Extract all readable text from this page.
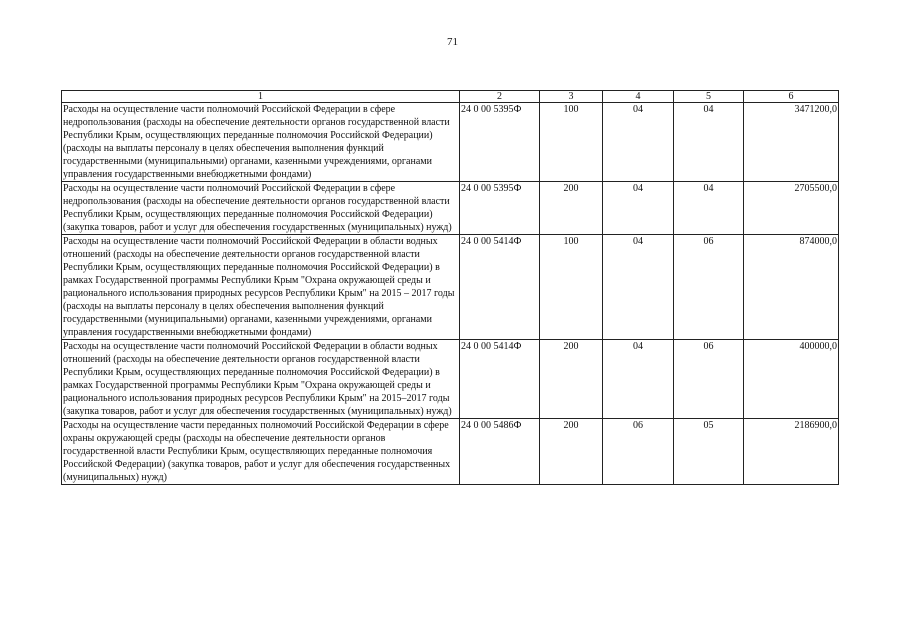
71
1	2	3	4	5	6
Расходы на осуществление части полномочий Российской Федерации в сфере недропользования (расходы на обеспечение деятельности органов государственной власти Республики Крым, осуществляющих переданные полномочия Российской Федерации) (расходы на выплаты персоналу в целях обеспечения выполнения функций государственными (муниципальными) органами, казенными учреждениями, органами управления государственными внебюджетными фондами)	24 0 00 5395Ф	100	04	04	3471200,0
Расходы на осуществление части полномочий Российской Федерации в сфере недропользования (расходы на обеспечение деятельности органов государственной власти Республики Крым, осуществляющих переданные полномочия Российской Федерации) (закупка товаров, работ и услуг для обеспечения государственных (муниципальных) нужд)	24 0 00 5395Ф	200	04	04	2705500,0
Расходы на осуществление части полномочий Российской Федерации в области водных отношений (расходы на обеспечение деятельности органов государственной власти Республики Крым, осуществляющих переданные полномочия Российской Федерации) в рамках Государственной программы Республики Крым "Охрана окружающей среды и рационального использования природных ресурсов Республики Крым" на 2015 – 2017 годы (расходы на выплаты персоналу в целях обеспечения выполнения функций государственными (муниципальными) органами, казенными учреждениями, органами управления государственными внебюджетными фондами)	24 0 00 5414Ф	100	04	06	874000,0
Расходы на осуществление части полномочий Российской Федерации в области водных отношений (расходы на обеспечение деятельности органов государственной власти Республики Крым, осуществляющих переданные полномочия Российской Федерации) в рамках Государственной программы Республики Крым "Охрана окружающей среды и рационального использования природных ресурсов Республики Крым" на 2015–2017 годы (закупка товаров, работ и услуг для обеспечения государственных (муниципальных) нужд)	24 0 00 5414Ф	200	04	06	400000,0
Расходы на осуществление части переданных полномочий Российской Федерации в сфере охраны окружающей среды (расходы на обеспечение деятельности органов государственной власти Республики Крым, осуществляющих переданные полномочия Российской Федерации) (закупка товаров, работ и услуг для обеспечения государственных (муниципальных) нужд)	24 0 00 5486Ф	200	06	05	2186900,0
